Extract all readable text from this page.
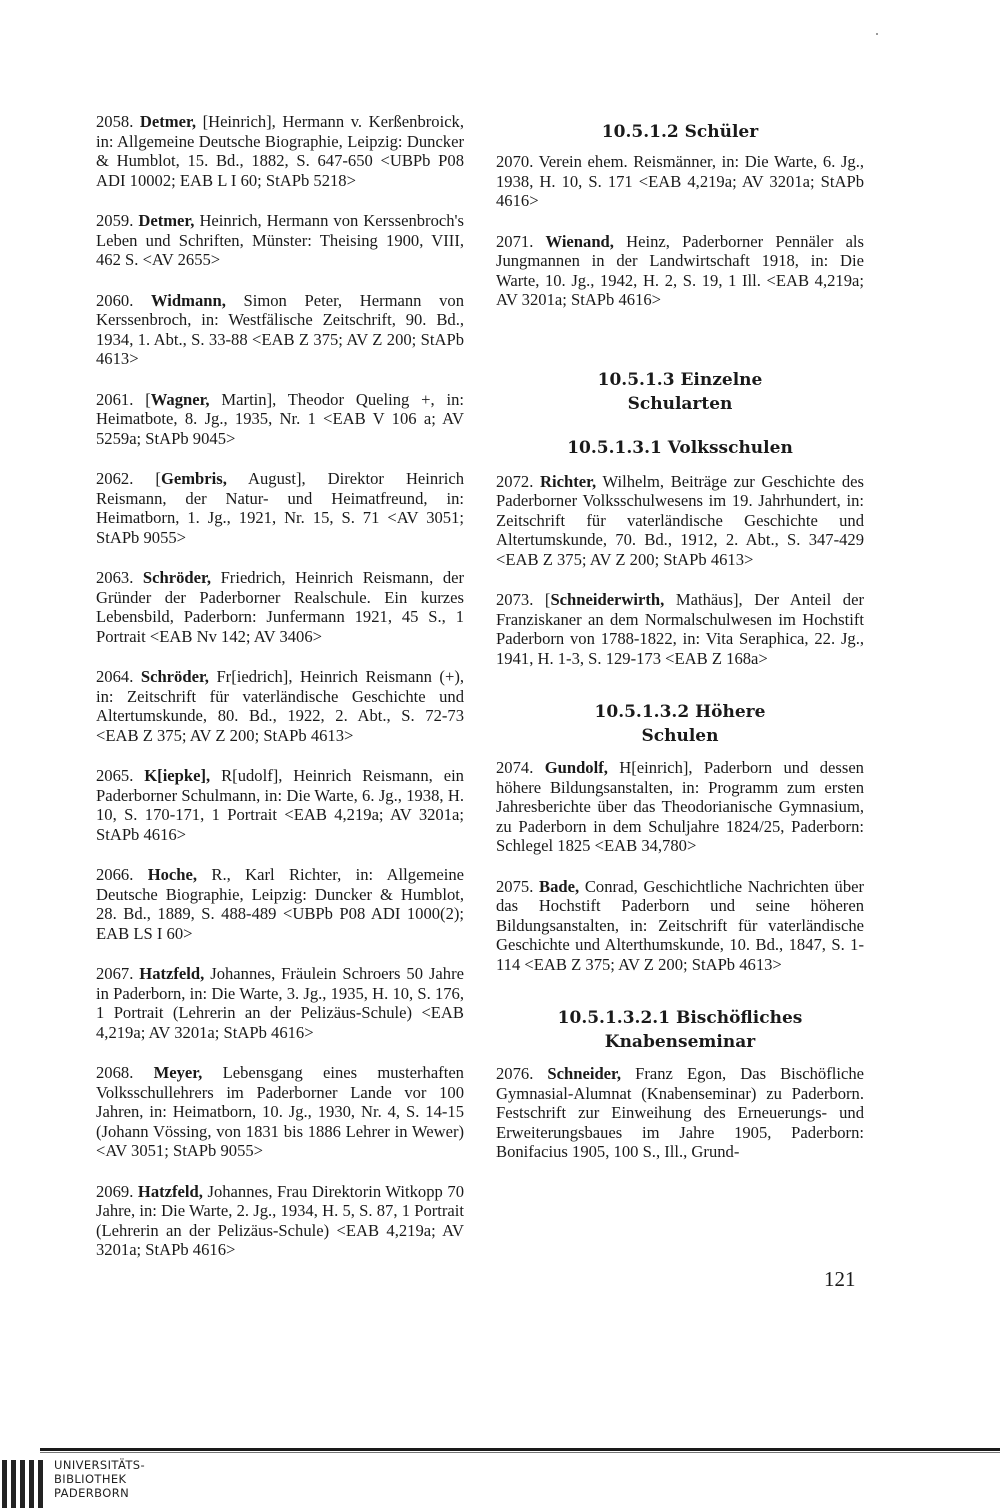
2058. Detmer, [Heinrich], Hermann v. Kerßenbroick, in: Allgemeine Deutsche Biographie, Leipzig: Duncker & Humblot, 15. Bd., 1882, S. 647-650 <UBPb P08 ADI 10002; EAB L I 60; StAPb 5218>

2059. Detmer, Heinrich, Hermann von Kerssenbroch's Leben und Schriften, Münster: Theising 1900, VIII, 462 S. <AV 2655>

2060. Widmann, Simon Peter, Hermann von Kerssenbroch, in: Westfälische Zeitschrift, 90. Bd., 1934, 1. Abt., S. 33-88 <EAB Z 375; AV Z 200; StAPb 4613>

2061. [Wagner, Martin], Theodor Queling +, in: Heimatbote, 8. Jg., 1935, Nr. 1 <EAB V 106 a; AV 5259a; StAPb 9045>

2062. [Gembris, August], Direktor Heinrich Reismann, der Natur- und Heimatfreund, in: Heimatborn, 1. Jg., 1921, Nr. 15, S. 71 <AV 3051; StAPb 9055>

2063. Schröder, Friedrich, Heinrich Reismann, der Gründer der Paderborner Realschule. Ein kurzes Lebensbild, Paderborn: Junfermann 1921, 45 S., 1 Portrait <EAB Nv 142; AV 3406>

2064. Schröder, Fr[iedrich], Heinrich Reismann (+), in: Zeitschrift für vaterländische Geschichte und Altertumskunde, 80. Bd., 1922, 2. Abt., S. 72-73 <EAB Z 375; AV Z 200; StAPb 4613>

2065. K[iepke], R[udolf], Heinrich Reismann, ein Paderborner Schulmann, in: Die Warte, 6. Jg., 1938, H. 10, S. 170-171, 1 Portrait <EAB 4,219a; AV 3201a; StAPb 4616>

2066. Hoche, R., Karl Richter, in: Allgemeine Deutsche Biographie, Leipzig: Duncker & Humblot, 28. Bd., 1889, S. 488-489 <UBPb P08 ADI 1000(2); EAB LS I 60>

2067. Hatzfeld, Johannes, Fräulein Schroers 50 Jahre in Paderborn, in: Die Warte, 3. Jg., 1935, H. 10, S. 176, 1 Portrait (Lehrerin an der Pelizäus-Schule) <EAB 4,219a; AV 3201a; StAPb 4616>

2068. Meyer, Lebensgang eines musterhaften Volksschullehrers im Paderborner Lande vor 100 Jahren, in: Heimatborn, 10. Jg., 1930, Nr. 4, S. 14-15 (Johann Vössing, von 1831 bis 1886 Lehrer in Wewer) <AV 3051; StAPb 9055>

2069. Hatzfeld, Johannes, Frau Direktorin Witkopp 70 Jahre, in: Die Warte, 2. Jg., 1934, H. 5, S. 87, 1 Portrait (Lehrerin an der Pelizäus-Schule) <EAB 4,219a; AV 3201a; StAPb 4616>

10.5.1.2 Schüler

2070. Verein ehem. Reismänner, in: Die Warte, 6. Jg., 1938, H. 10, S. 171 <EAB 4,219a; AV 3201a; StAPb 4616>

2071. Wienand, Heinz, Paderborner Pennäler als Jungmannen in der Landwirtschaft 1918, in: Die Warte, 10. Jg., 1942, H. 2, S. 19, 1 Ill. <EAB 4,219a; AV 3201a; StAPb 4616>

10.5.1.3 Einzelne
Schularten
10.5.1.3.1 Volksschulen

2072. Richter, Wilhelm, Beiträge zur Geschichte des Paderborner Volksschulwesens im 19. Jahrhundert, in: Zeitschrift für vaterländische Geschichte und Altertumskunde, 70. Bd., 1912, 2. Abt., S. 347-429 <EAB Z 375; AV Z 200; StAPb 4613>

2073. [Schneiderwirth, Mathäus], Der Anteil der Franziskaner an dem Normalschulwesen im Hochstift Paderborn von 1788-1822, in: Vita Seraphica, 22. Jg., 1941, H. 1-3, S. 129-173 <EAB Z 168a>

10.5.1.3.2 Höhere
Schulen

2074. Gundolf, H[einrich], Paderborn und dessen höhere Bildungsanstalten, in: Programm zum ersten Jahresberichte über das Theodorianische Gymnasium, zu Paderborn in dem Schuljahre 1824/25, Paderborn: Schlegel 1825 <EAB 34,780>

2075. Bade, Conrad, Geschichtliche Nachrichten über das Hochstift Paderborn und seine höheren Bildungsanstalten, in: Zeitschrift für vaterländische Geschichte und Alterthumskunde, 10. Bd., 1847, S. 1-114 <EAB Z 375; AV Z 200; StAPb 4613>

10.5.1.3.2.1 Bischöfliches
Knabenseminar

2076. Schneider, Franz Egon, Das Bischöfliche Gymnasial-Alumnat (Knabenseminar) zu Paderborn. Festschrift zur Einweihung des Erneuerungs- und Erweiterungsbaues im Jahre 1905, Paderborn: Bonifacius 1905, 100 S., Ill., Grund-

121
UNIVERSITÄTS-
BIBLIOTHEK
PADERBORN
